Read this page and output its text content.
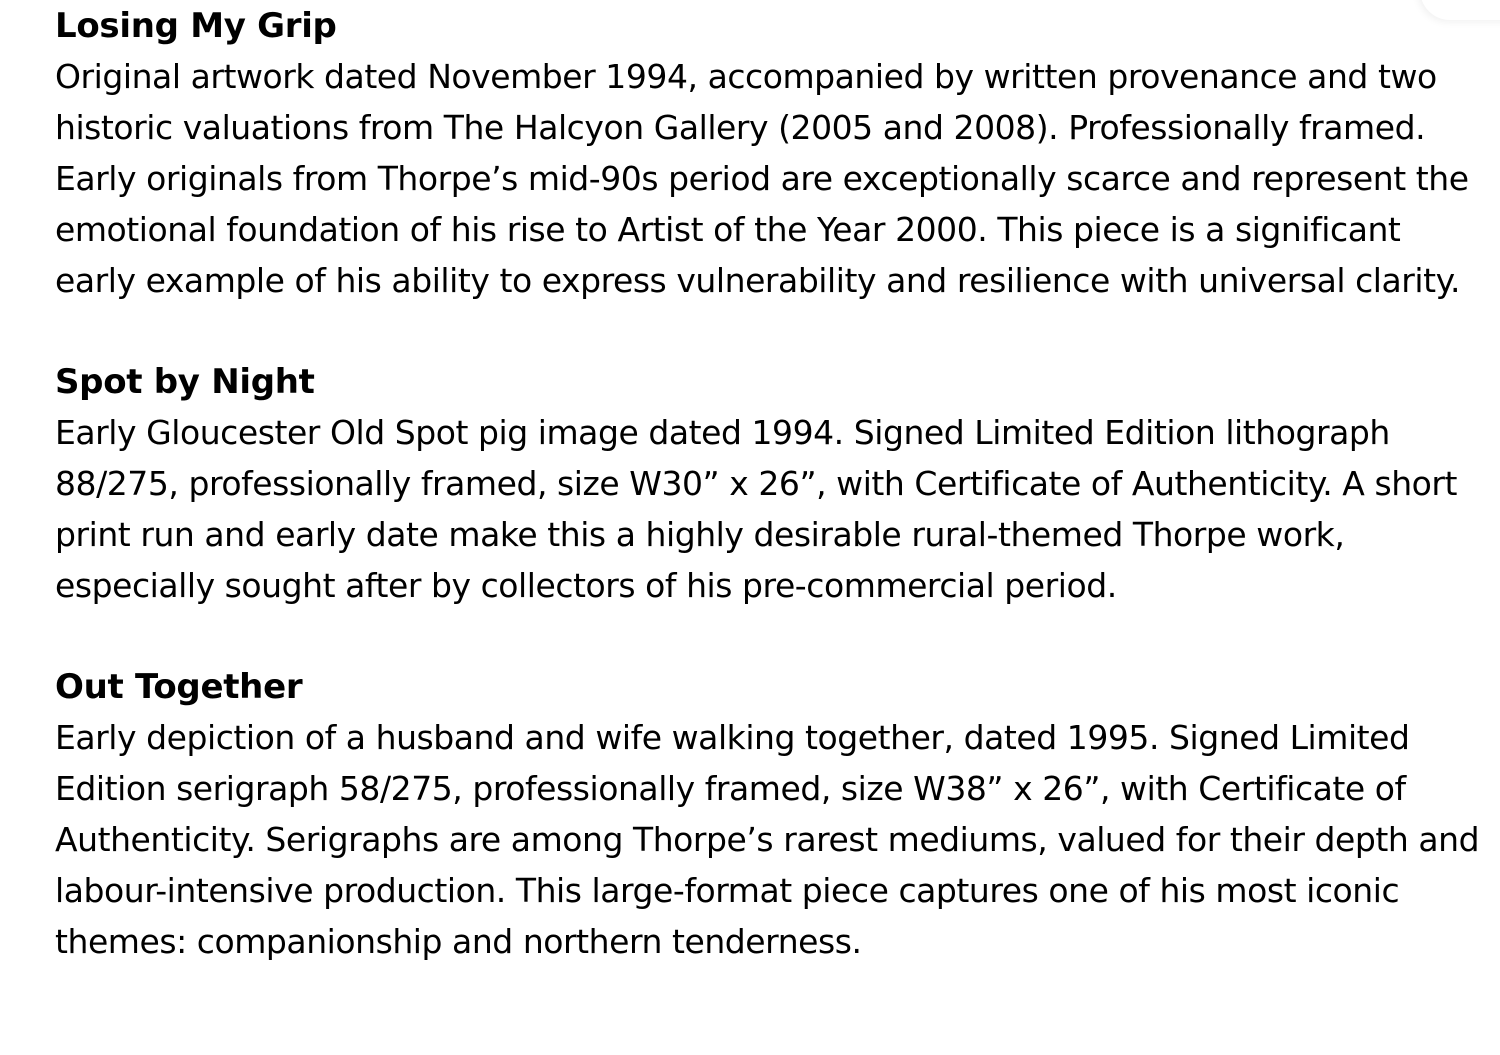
Losing My Grip

Original artwork dated November 1994, accompanied by written provenance and two historic valuations from The Halcyon Gallery (2005 and 2008). Professionally framed. Early originals from Thorpe’s mid-90s period are exceptionally scarce and represent the emotional foundation of his rise to Artist of the Year 2000. This piece is a significant early example of his ability to express vulnerability and resilience with universal clarity.

Spot by Night

Early Gloucester Old Spot pig image dated 1994. Signed Limited Edition lithograph 88/275, professionally framed, size W30” x 26”, with Certificate of Authenticity. A short print run and early date make this a highly desirable rural-themed Thorpe work, especially sought after by collectors of his pre-commercial period.

Out Together

Early depiction of a husband and wife walking together, dated 1995. Signed Limited Edition serigraph 58/275, professionally framed, size W38” x 26”, with Certificate of Authenticity. Serigraphs are among Thorpe’s rarest mediums, valued for their depth and labour-intensive production. This large-format piece captures one of his most iconic themes: companionship and northern tenderness.
